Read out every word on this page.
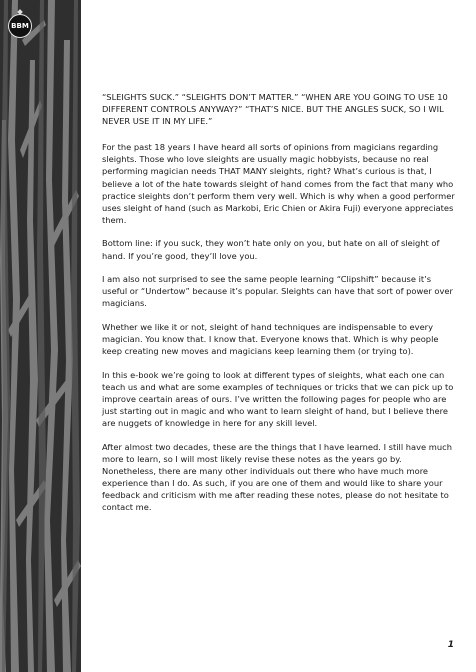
BBM

“SLEIGHTS SUCK.” “SLEIGHTS DON’T MATTER.” “WHEN ARE YOU GOING TO USE 10 DIFFERENT CONTROLS ANYWAY?” “THAT’S NICE. BUT THE ANGLES SUCK, SO I WIL NEVER USE IT IN MY LIFE.”

For the past 18 years I have heard all sorts of opinions from magicians regarding sleights. Those who love sleights are usually magic hobbyists, because no real performing magician needs THAT MANY sleights, right? What’s curious is that, I believe a lot of the hate towards sleight of hand comes from the fact that many who practice sleights don’t perform them very well. Which is why when a good performer uses sleight of hand (such as Markobi, Eric Chien or Akira Fuji) everyone appreciates them.

Bottom line: if you suck, they won’t hate only on you, but hate on all of sleight of hand. If you’re good, they’ll love you.

I am also not surprised to see the same people learning “Clipshift” because it’s useful or “Undertow” because it’s popular. Sleights can have that sort of power over magicians.

Whether we like it or not, sleight of hand techniques are indispensable to every magician. You know that. I know that. Everyone knows that. Which is why people keep creating new moves and magicians keep learning them (or trying to).

In this e-book we’re going to look at different types of sleights, what each one can teach us and what are some examples of techniques or tricks that we can pick up to improve ceartain areas of ours. I’ve written the following pages for people who are just starting out in magic and who want to learn sleight of hand, but I believe there are nuggets of knowledge in here for any skill level.

After almost two decades, these are the things that I have learned. I still have much more to learn, so I will most likely revise these notes as the years go by. Nonetheless, there are many other individuals out there who have much more experience than I do. As such, if you are one of them and would like to share your feedback and criticism with me after reading these notes, please do not hesitate to contact me.

1
